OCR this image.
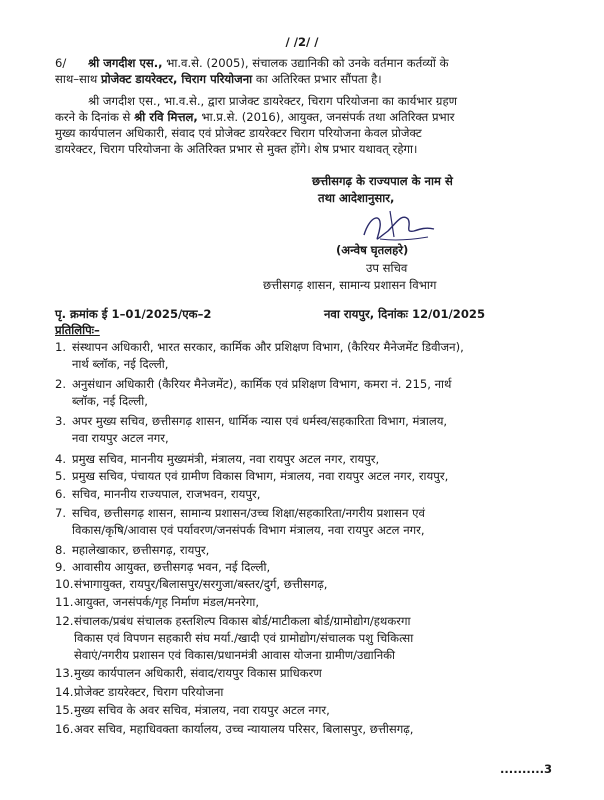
/ /2/ /
6/ श्री जगदीश एस., भा.व.से. (2005), संचालक उद्यानिकी को उनके वर्तमान कर्तव्यों के
साथ–साथ प्रोजेक्ट डायरेक्टर, चिराग परियोजना का अतिरिक्त प्रभार सौंपता है।
श्री जगदीश एस., भा.व.से., द्वारा प्राजेक्ट डायरेक्टर, चिराग परियोजना का कार्यभार ग्रहण
करने के दिनांक से श्री रवि मित्तल, भा.प्र.से. (2016), आयुक्त, जनसंपर्क तथा अतिरिक्त प्रभार
मुख्य कार्यपालन अधिकारी, संवाद एवं प्रोजेक्ट डायरेक्टर चिराग परियोजना केवल प्रोजेक्ट
डायरेक्टर, चिराग परियोजना के अतिरिक्त प्रभार से मुक्त होंगे। शेष प्रभार यथावत् रहेगा।
छत्तीसगढ़ के राज्यपाल के नाम से
तथा आदेशानुसार,
(अन्वेष घृतलहरे)
उप सचिव
छत्तीसगढ़ शासन, सामान्य प्रशासन विभाग
पृ. क्रमांक ई 1–01/2025/एक–2	नवा रायपुर, दिनांकः 12/01/2025
प्रतिलिपिः–
1. संस्थापन अधिकारी, भारत सरकार, कार्मिक और प्रशिक्षण विभाग, (कैरियर मैनेजमेंट डिवीजन),
नार्थ ब्लॉक, नई दिल्ली,
2. अनुसंधान अधिकारी (कैरियर मैनेजमेंट), कार्मिक एवं प्रशिक्षण विभाग, कमरा नं. 215, नार्थ
ब्लॉक, नई दिल्ली,
3. अपर मुख्य सचिव, छत्तीसगढ़ शासन, धार्मिक न्यास एवं धर्मस्व/सहकारिता विभाग, मंत्रालय,
नवा रायपुर अटल नगर,
4. प्रमुख सचिव, माननीय मुख्यमंत्री, मंत्रालय, नवा रायपुर अटल नगर, रायपुर,
5. प्रमुख सचिव, पंचायत एवं ग्रामीण विकास विभाग, मंत्रालय, नवा रायपुर अटल नगर, रायपुर,
6. सचिव, माननीय राज्यपाल, राजभवन, रायपुर,
7. सचिव, छत्तीसगढ़ शासन, सामान्य प्रशासन/उच्च शिक्षा/सहकारिता/नगरीय प्रशासन एवं
विकास/कृषि/आवास एवं पर्यावरण/जनसंपर्क विभाग मंत्रालय, नवा रायपुर अटल नगर,
8. महालेखाकार, छत्तीसगढ़, रायपुर,
9. आवासीय आयुक्त, छत्तीसगढ़ भवन, नई दिल्ली,
10. संभागायुक्त, रायपुर/बिलासपुर/सरगुजा/बस्तर/दुर्ग, छत्तीसगढ़,
11. आयुक्त, जनसंपर्क/गृह निर्माण मंडल/मनरेगा,
12. संचालक/प्रबंध संचालक हस्तशिल्प विकास बोर्ड/माटीकला बोर्ड/ग्रामोद्योग/हथकरगा
विकास एवं विपणन सहकारी संघ मर्या./खादी एवं ग्रामोद्योग/संचालक पशु चिकित्सा
सेवाएं/नगरीय प्रशासन एवं विकास/प्रधानमंत्री आवास योजना ग्रामीण/उद्यानिकी
13. मुख्य कार्यपालन अधिकारी, संवाद/रायपुर विकास प्राधिकरण
14. प्रोजेक्ट डायरेक्टर, चिराग परियोजना
15. मुख्य सचिव के अवर सचिव, मंत्रालय, नवा रायपुर अटल नगर,
16. अवर सचिव, महाधिवक्ता कार्यालय, उच्च न्यायालय परिसर, बिलासपुर, छत्तीसगढ़,
..........3
